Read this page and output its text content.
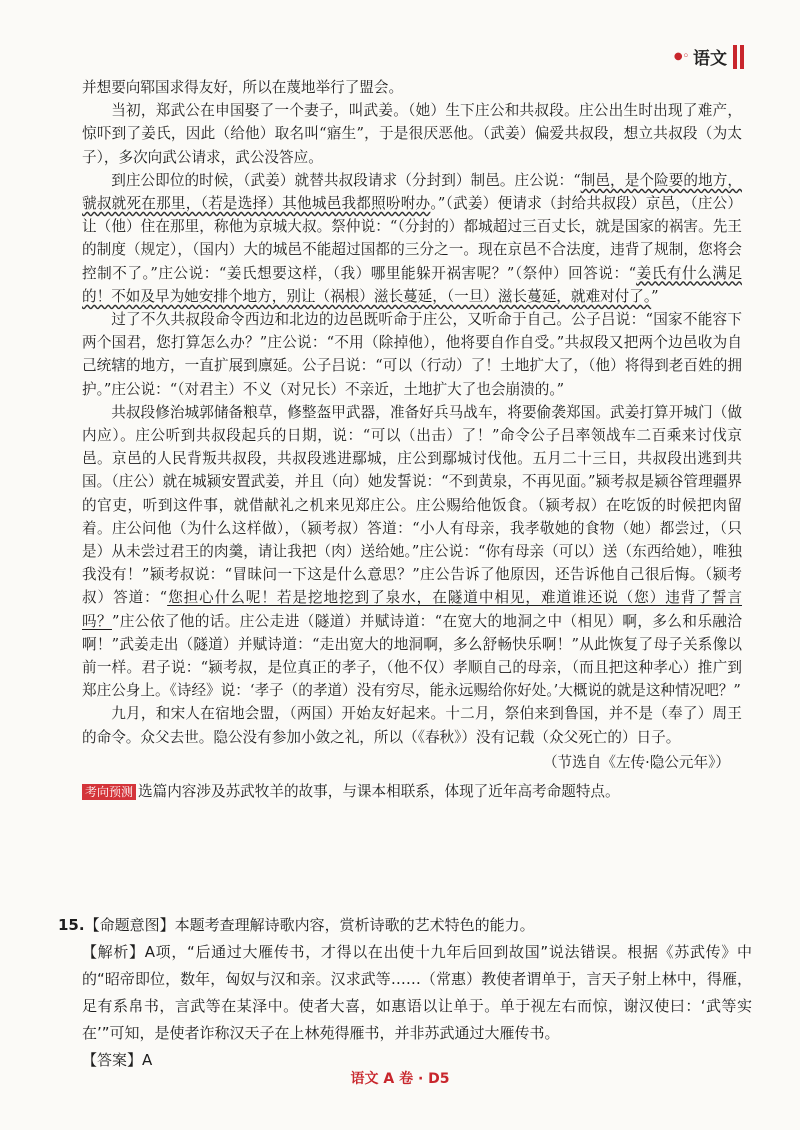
●◦ 语文

并想要向郓国求得友好，所以在蔑地举行了盟会。

当初，郑武公在申国娶了一个妻子，叫武姜。（她）生下庄公和共叔段。庄公出生时出现了难产，惊吓到了姜氏，因此（给他）取名叫“寤生”，于是很厌恶他。（武姜）偏爱共叔段，想立共叔段（为太子），多次向武公请求，武公没答应。

到庄公即位的时候，（武姜）就替共叔段请求（分封到）制邑。庄公说：“制邑，是个险要的地方，虢叔就死在那里，（若是选择）其他城邑我都照吩咐办。”（武姜）便请求（封给共叔段）京邑，（庄公）让（他）住在那里，称他为京城大叔。祭仲说：“（分封的）都城超过三百丈长，就是国家的祸害。先王的制度（规定），（国内）大的城邑不能超过国都的三分之一。现在京邑不合法度，违背了规制，您将会控制不了。”庄公说：“姜氏想要这样，（我）哪里能躲开祸害呢？”（祭仲）回答说：“姜氏有什么满足的！不如及早为她安排个地方，别让（祸根）滋长蔓延，（一旦）滋长蔓延，就难对付了。”

过了不久共叔段命令西边和北边的边邑既听命于庄公，又听命于自己。公子吕说：“国家不能容下两个国君，您打算怎么办？”庄公说：“不用（除掉他），他将要自作自受。”共叔段又把两个边邑收为自己统辖的地方，一直扩展到廪延。公子吕说：“可以（行动）了！土地扩大了，（他）将得到老百姓的拥护。”庄公说：“（对君主）不义（对兄长）不亲近，土地扩大了也会崩溃的。”

共叔段修治城郭储备粮草，修整盔甲武器，准备好兵马战车，将要偷袭郑国。武姜打算开城门（做内应）。庄公听到共叔段起兵的日期，说：“可以（出击）了！”命令公子吕率领战车二百乘来讨伐京邑。京邑的人民背叛共叔段，共叔段逃进鄢城，庄公到鄢城讨伐他。五月二十三日，共叔段出逃到共国。（庄公）就在城颍安置武姜，并且（向）她发誓说：“不到黄泉，不再见面。”颍考叔是颍谷管理疆界的官吏，听到这件事，就借献礼之机来见郑庄公。庄公赐给他饭食。（颍考叔）在吃饭的时候把肉留着。庄公问他（为什么这样做），（颍考叔）答道：“小人有母亲，我孝敬她的食物（她）都尝过，（只是）从未尝过君王的肉羹，请让我把（肉）送给她。”庄公说：“你有母亲（可以）送（东西给她），唯独我没有！”颍考叔说：“冒昧问一下这是什么意思？”庄公告诉了他原因，还告诉他自己很后悔。（颍考叔）答道：“您担心什么呢！若是挖地挖到了泉水，在隧道中相见，难道谁还说（您）违背了誓言吗？”庄公依了他的话。庄公走进（隧道）并赋诗道：“在宽大的地洞之中（相见）啊，多么和乐融洽啊！”武姜走出（隧道）并赋诗道：“走出宽大的地洞啊，多么舒畅快乐啊！”从此恢复了母子关系像以前一样。君子说：“颍考叔，是位真正的孝子，（他不仅）孝顺自己的母亲，（而且把这种孝心）推广到郑庄公身上。《诗经》说：‘孝子（的孝道）没有穷尽，能永远赐给你好处。’大概说的就是这种情况吧？”

九月，和宋人在宿地会盟，（两国）开始友好起来。十二月，祭伯来到鲁国，并不是（奉了）周王的命令。众父去世。隐公没有参加小敛之礼，所以（《春秋》）没有记载（众父死亡的）日子。

（节选自《左传·隐公元年》）

考向预测 选篇内容涉及苏武牧羊的故事，与课本相联系，体现了近年高考命题特点。

15.【命题意图】本题考查理解诗歌内容，赏析诗歌的艺术特色的能力。

【解析】A项，“后通过大雁传书，才得以在出使十九年后回到故国”说法错误。根据《苏武传》中的“昭帝即位，数年，匈奴与汉和亲。汉求武等……（常惠）教使者谓单于，言天子射上林中，得雁，足有系帛书，言武等在某泽中。使者大喜，如惠语以让单于。单于视左右而惊，谢汉使曰：‘武等实在’”可知，是使者诈称汉天子在上林苑得雁书，并非苏武通过大雁传书。

【答案】A

语文 A 卷 · D5
